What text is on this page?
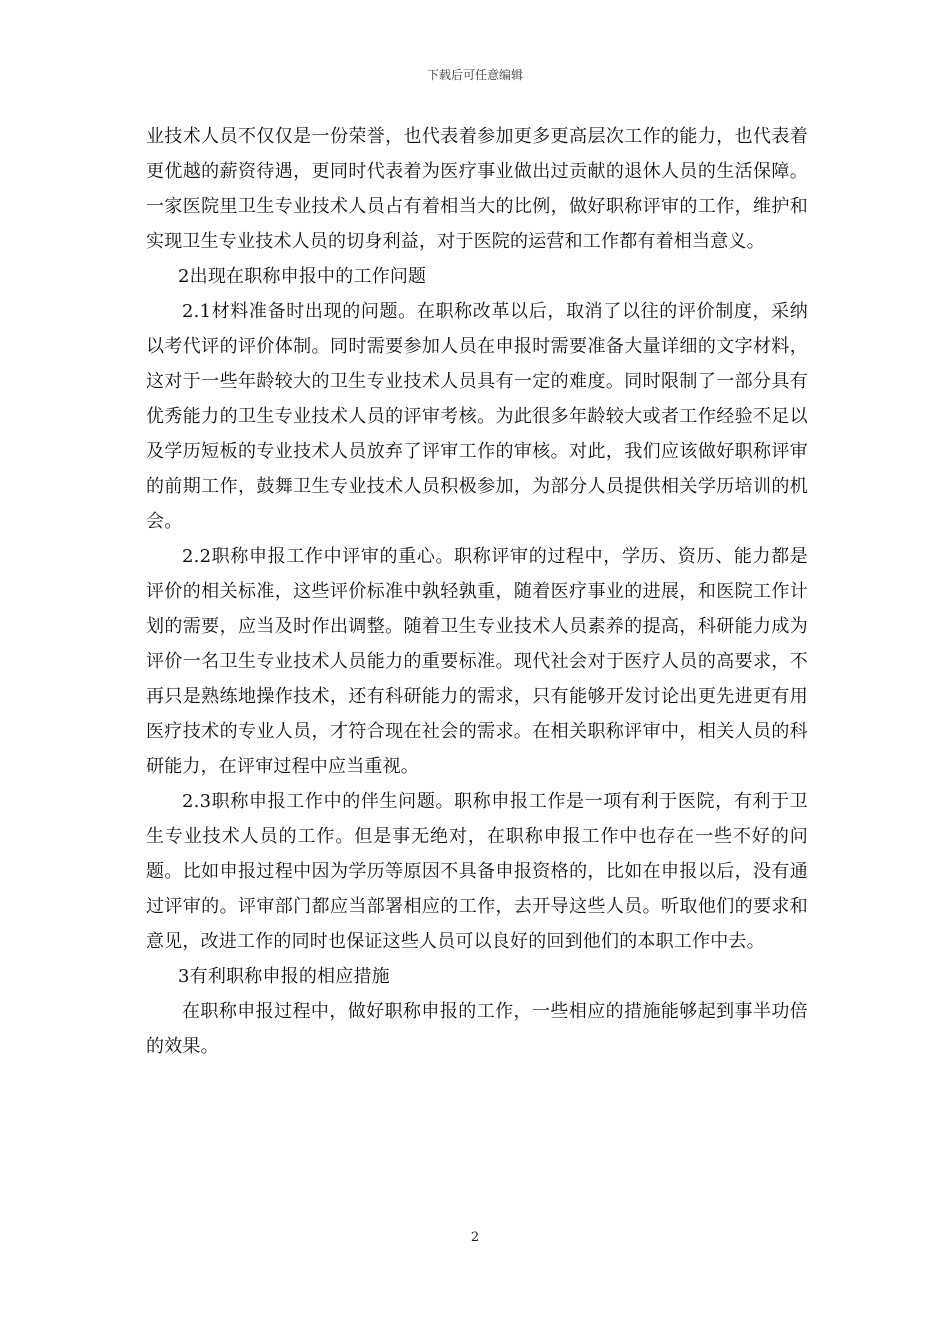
下载后可任意编辑

业技术人员不仅仅是一份荣誉，也代表着参加更多更高层次工作的能力，也代表着更优越的薪资待遇，更同时代表着为医疗事业做出过贡献的退休人员的生活保障。一家医院里卫生专业技术人员占有着相当大的比例，做好职称评审的工作，维护和实现卫生专业技术人员的切身利益，对于医院的运营和工作都有着相当意义。

2出现在职称申报中的工作问题

2.1材料准备时出现的问题。在职称改革以后，取消了以往的评价制度，采纳以考代评的评价体制。同时需要参加人员在申报时需要准备大量详细的文字材料，这对于一些年龄较大的卫生专业技术人员具有一定的难度。同时限制了一部分具有优秀能力的卫生专业技术人员的评审考核。为此很多年龄较大或者工作经验不足以及学历短板的专业技术人员放弃了评审工作的审核。对此，我们应该做好职称评审的前期工作，鼓舞卫生专业技术人员积极参加，为部分人员提供相关学历培训的机会。

2.2职称申报工作中评审的重心。职称评审的过程中，学历、资历、能力都是评价的相关标准，这些评价标准中孰轻孰重，随着医疗事业的进展，和医院工作计划的需要，应当及时作出调整。随着卫生专业技术人员素养的提高，科研能力成为评价一名卫生专业技术人员能力的重要标准。现代社会对于医疗人员的高要求，不再只是熟练地操作技术，还有科研能力的需求，只有能够开发讨论出更先进更有用医疗技术的专业人员，才符合现在社会的需求。在相关职称评审中，相关人员的科研能力，在评审过程中应当重视。

2.3职称申报工作中的伴生问题。职称申报工作是一项有利于医院，有利于卫生专业技术人员的工作。但是事无绝对，在职称申报工作中也存在一些不好的问题。比如申报过程中因为学历等原因不具备申报资格的，比如在申报以后，没有通过评审的。评审部门都应当部署相应的工作，去开导这些人员。听取他们的要求和意见，改进工作的同时也保证这些人员可以良好的回到他们的本职工作中去。

3有利职称申报的相应措施

在职称申报过程中，做好职称申报的工作，一些相应的措施能够起到事半功倍的效果。

2
